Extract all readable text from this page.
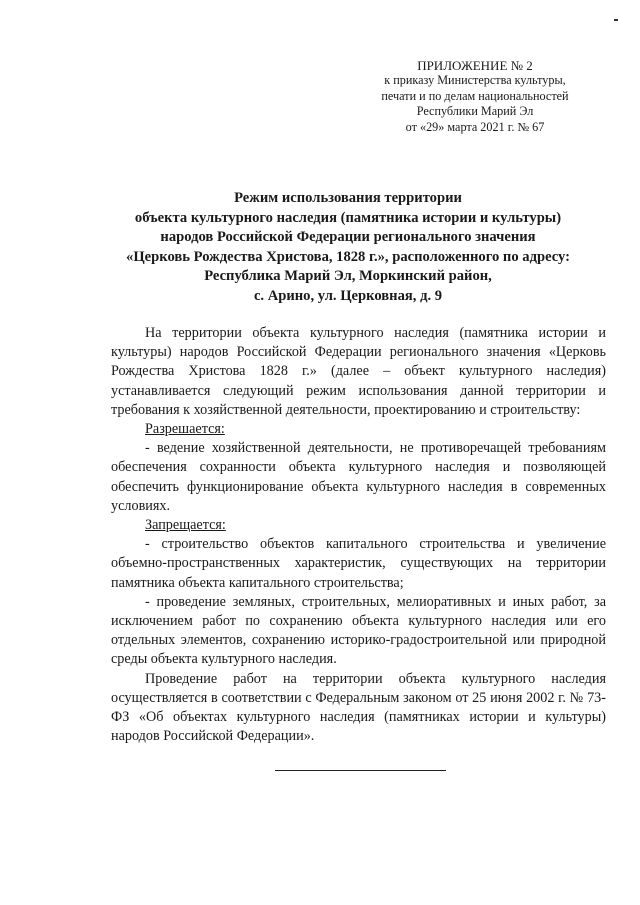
ПРИЛОЖЕНИЕ № 2
к приказу Министерства культуры,
печати и по делам национальностей
Республики Марий Эл
от «29» марта 2021 г. № 67
Режим использования территории
объекта культурного наследия (памятника истории и культуры)
народов Российской Федерации регионального значения
«Церковь Рождества Христова, 1828 г.», расположенного по адресу:
Республика Марий Эл, Моркинский район,
с. Арино, ул. Церковная, д. 9

На территории объекта культурного наследия (памятника истории и культуры) народов Российской Федерации регионального значения «Церковь Рождества Христова 1828 г.» (далее – объект культурного наследия) устанавливается следующий режим использования данной территории и требования к хозяйственной деятельности, проектированию и строительству:

Разрешается:

- ведение хозяйственной деятельности, не противоречащей требованиям обеспечения сохранности объекта культурного наследия и позволяющей обеспечить функционирование объекта культурного наследия в современных условиях.

Запрещается:

- строительство объектов капитального строительства и увеличение объемно-пространственных характеристик, существующих на территории памятника объекта капитального строительства;

- проведение земляных, строительных, мелиоративных и иных работ, за исключением работ по сохранению объекта культурного наследия или его отдельных элементов, сохранению историко-градостроительной или природной среды объекта культурного наследия.

Проведение работ на территории объекта культурного наследия осуществляется в соответствии с Федеральным законом от 25 июня 2002 г. № 73-ФЗ «Об объектах культурного наследия (памятниках истории и культуры) народов Российской Федерации».
